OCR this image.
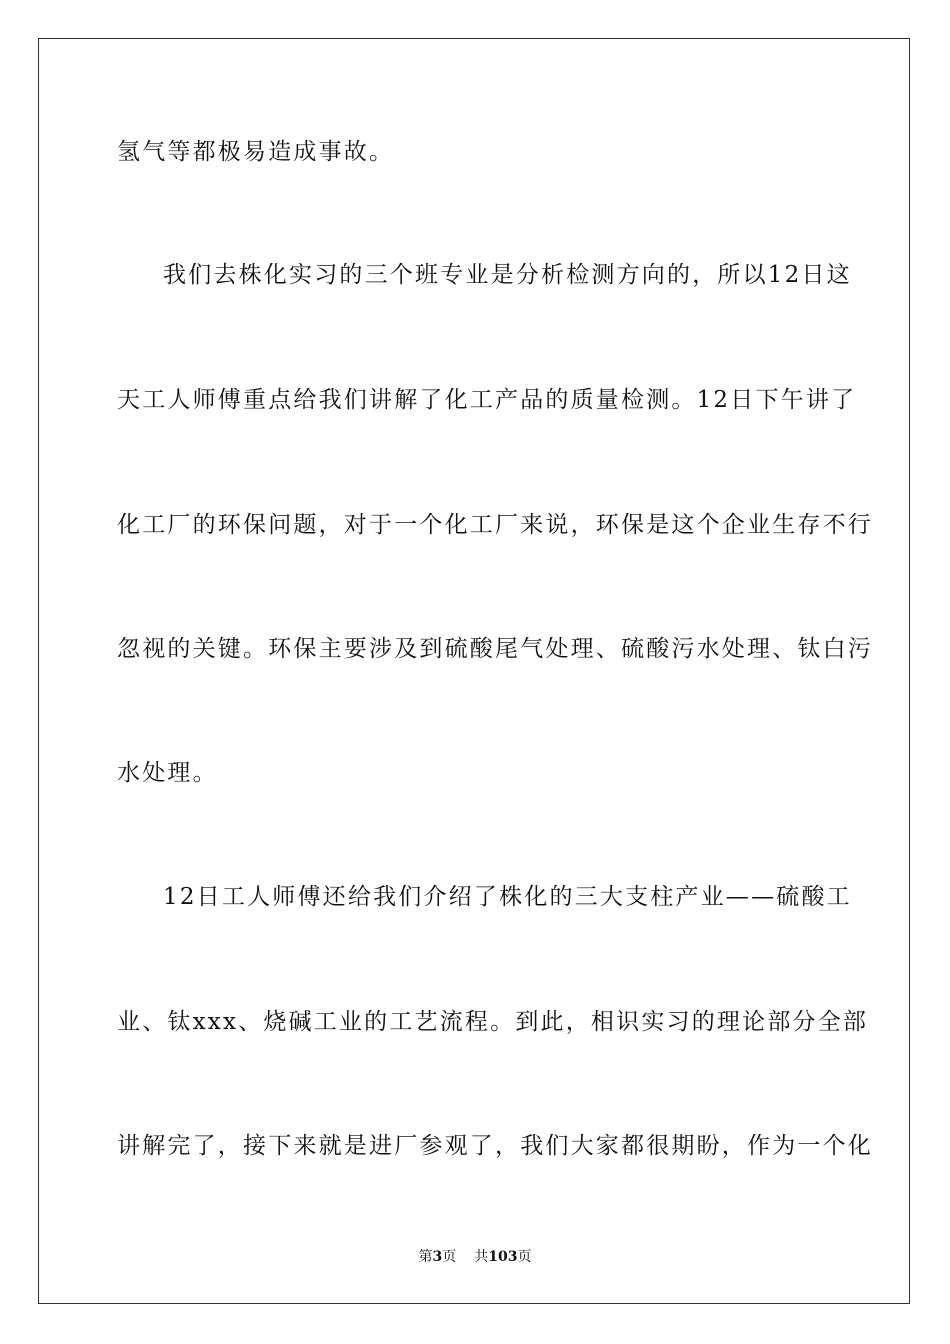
氢气等都极易造成事故。
我们去株化实习的三个班专业是分析检测方向的，所以12日这
天工人师傅重点给我们讲解了化工产品的质量检测。12日下午讲了
化工厂的环保问题，对于一个化工厂来说，环保是这个企业生存不行
忽视的关键。环保主要涉及到硫酸尾气处理、硫酸污水处理、钛白污
水处理。
12日工人师傅还给我们介绍了株化的三大支柱产业——硫酸工
业、钛xxx、烧碱工业的工艺流程。到此，相识实习的理论部分全部
讲解完了，接下来就是进厂参观了，我们大家都很期盼，作为一个化
第3页 共103页
